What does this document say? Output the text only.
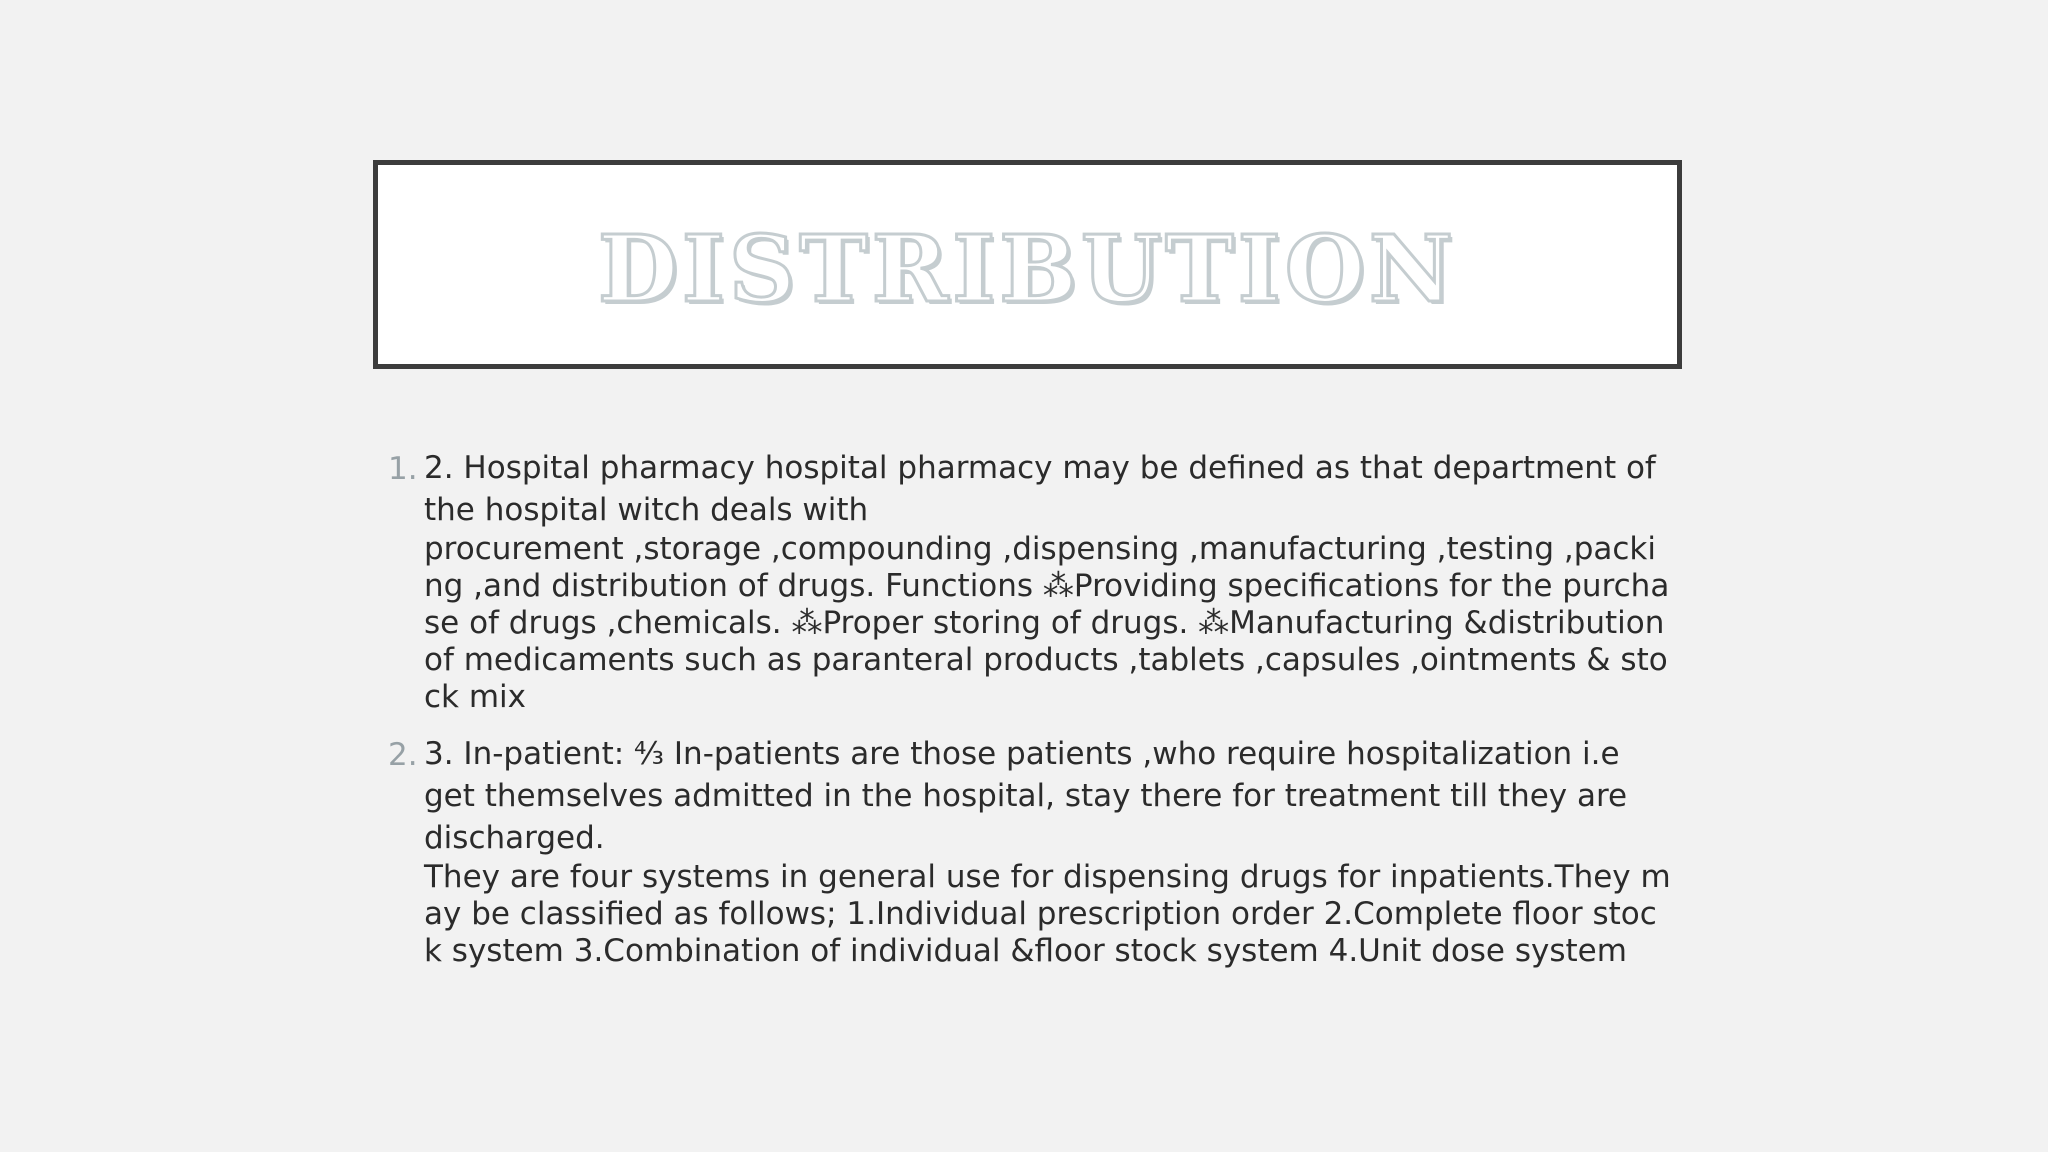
DISTRIBUTION
1. 2. Hospital pharmacy hospital pharmacy may be defined as that department of the hospital witch deals with
procurement ,storage ,compounding ,dispensing ,manufacturing ,testing ,packing ,and distribution of drugs. Functions ⁂Providing specifications for the purchase of drugs ,chemicals. ⁂Proper storing of drugs. ⁂Manufacturing &distribution of medicaments such as paranteral products ,tablets ,capsules ,ointments & stock mix
2. 3. In-patient: ⁴⁄₃ In-patients are those patients ,who require hospitalization i.e get themselves admitted in the hospital, stay there for treatment till they are discharged.
They are four systems in general use for dispensing drugs for inpatients.They may be classified as follows; 1.Individual prescription order 2.Complete floor stock system 3.Combination of individual &floor stock system 4.Unit dose system
